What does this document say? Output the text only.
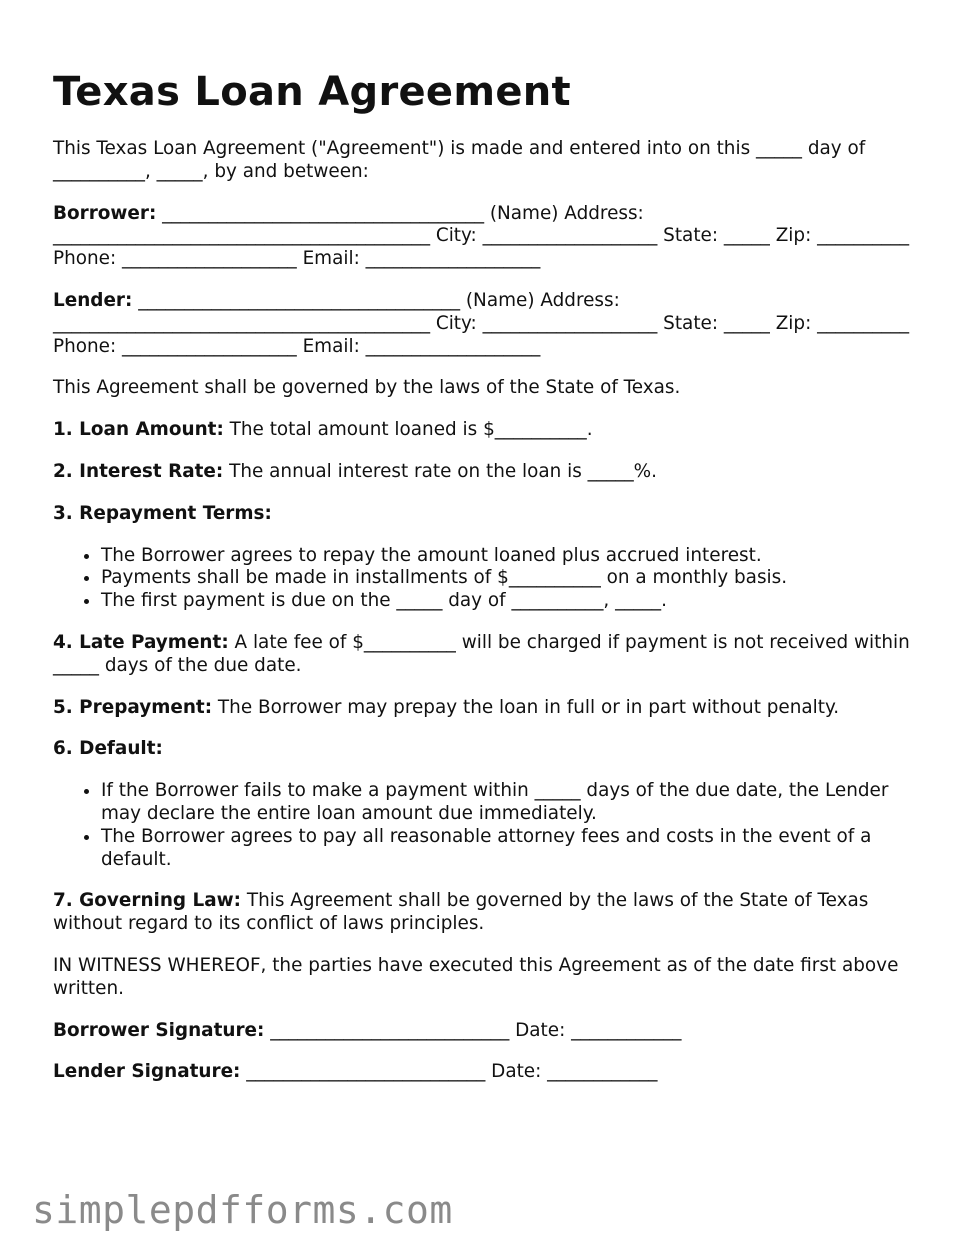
Texas Loan Agreement

This Texas Loan Agreement ("Agreement") is made and entered into on this _____ day of __________, _____, by and between:

Borrower: ___________________________________ (Name) Address: _________________________________________ City: ___________________ State: _____ Zip: __________ Phone: ___________________ Email: ___________________

Lender: ___________________________________ (Name) Address: _________________________________________ City: ___________________ State: _____ Zip: __________ Phone: ___________________ Email: ___________________

This Agreement shall be governed by the laws of the State of Texas.

1. Loan Amount: The total amount loaned is $__________.

2. Interest Rate: The annual interest rate on the loan is _____%.

3. Repayment Terms:

• The Borrower agrees to repay the amount loaned plus accrued interest.
• Payments shall be made in installments of $__________ on a monthly basis.
• The first payment is due on the _____ day of __________, _____.

4. Late Payment: A late fee of $__________ will be charged if payment is not received within _____ days of the due date.

5. Prepayment: The Borrower may prepay the loan in full or in part without penalty.

6. Default:

• If the Borrower fails to make a payment within _____ days of the due date, the Lender may declare the entire loan amount due immediately.
• The Borrower agrees to pay all reasonable attorney fees and costs in the event of a default.

7. Governing Law: This Agreement shall be governed by the laws of the State of Texas without regard to its conflict of laws principles.

IN WITNESS WHEREOF, the parties have executed this Agreement as of the date first above written.

Borrower Signature: __________________________ Date: ____________

Lender Signature: __________________________ Date: ____________

simplepdfforms.com
